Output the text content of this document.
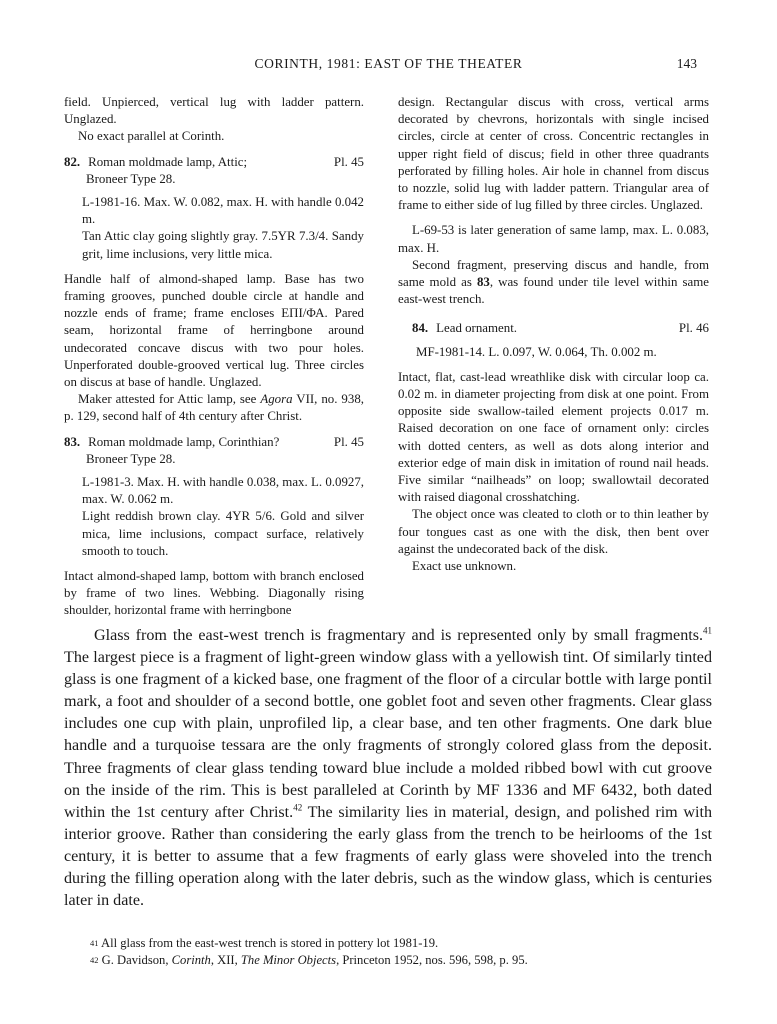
CORINTH, 1981: EAST OF THE THEATER	143

field. Unpierced, vertical lug with ladder pattern. Unglazed.

No exact parallel at Corinth.

82. Roman moldmade lamp, Attic;	Pl. 45

Broneer Type 28.

L-1981-16. Max. W. 0.082, max. H. with handle 0.042 m.

Tan Attic clay going slightly gray. 7.5YR 7.3/4. Sandy grit, lime inclusions, very little mica.

Handle half of almond-shaped lamp. Base has two framing grooves, punched double circle at handle and nozzle ends of frame; frame encloses ΕΠΙ/ΦΑ. Pared seam, horizontal frame of herringbone around undecorated concave discus with two pour holes. Unperforated double-grooved vertical lug. Three circles on discus at base of handle. Unglazed.

Maker attested for Attic lamp, see Agora VII, no. 938, p. 129, second half of 4th century after Christ.

83. Roman moldmade lamp, Corinthian?	Pl. 45

Broneer Type 28.

L-1981-3. Max. H. with handle 0.038, max. L. 0.0927, max. W. 0.062 m.

Light reddish brown clay. 4YR 5/6. Gold and silver mica, lime inclusions, compact surface, relatively smooth to touch.

Intact almond-shaped lamp, bottom with branch enclosed by frame of two lines. Webbing. Diagonally rising shoulder, horizontal frame with herringbone

design. Rectangular discus with cross, vertical arms decorated by chevrons, horizontals with single incised circles, circle at center of cross. Concentric rectangles in upper right field of discus; field in other three quadrants perforated by filling holes. Air hole in channel from discus to nozzle, solid lug with ladder pattern. Triangular area of frame to either side of lug filled by three circles. Unglazed.

L-69-53 is later generation of same lamp, max. L. 0.083, max. H.

Second fragment, preserving discus and handle, from same mold as 83, was found under tile level within same east-west trench.

84. Lead ornament.	Pl. 46

MF-1981-14. L. 0.097, W. 0.064, Th. 0.002 m.

Intact, flat, cast-lead wreathlike disk with circular loop ca. 0.02 m. in diameter projecting from disk at one point. From opposite side swallow-tailed element projects 0.017 m. Raised decoration on one face of ornament only: circles with dotted centers, as well as dots along interior and exterior edge of main disk in imitation of round nail heads. Five similar “nailheads” on loop; swallowtail decorated with raised diagonal crosshatching.

The object once was cleated to cloth or to thin leather by four tongues cast as one with the disk, then bent over against the undecorated back of the disk.

Exact use unknown.

Glass from the east-west trench is fragmentary and is represented only by small fragments.$^{41}$ The largest piece is a fragment of light-green window glass with a yellowish tint. Of similarly tinted glass is one fragment of a kicked base, one fragment of the floor of a circular bottle with large pontil mark, a foot and shoulder of a second bottle, one goblet foot and seven other fragments. Clear glass includes one cup with plain, unprofiled lip, a clear base, and ten other fragments. One dark blue handle and a turquoise tessara are the only fragments of strongly colored glass from the deposit. Three fragments of clear glass tending toward blue include a molded ribbed bowl with cut groove on the inside of the rim. This is best paralleled at Corinth by MF 1336 and MF 6432, both dated within the 1st century after Christ.$^{42}$ The similarity lies in material, design, and polished rim with interior groove. Rather than considering the early glass from the trench to be heirlooms of the 1st century, it is better to assume that a few fragments of early glass were shoveled into the trench during the filling operation along with the later debris, such as the window glass, which is centuries later in date.

$^{41}$ All glass from the east-west trench is stored in pottery lot 1981-19.

$^{42}$ G. Davidson, Corinth, XII, The Minor Objects, Princeton 1952, nos. 596, 598, p. 95.
